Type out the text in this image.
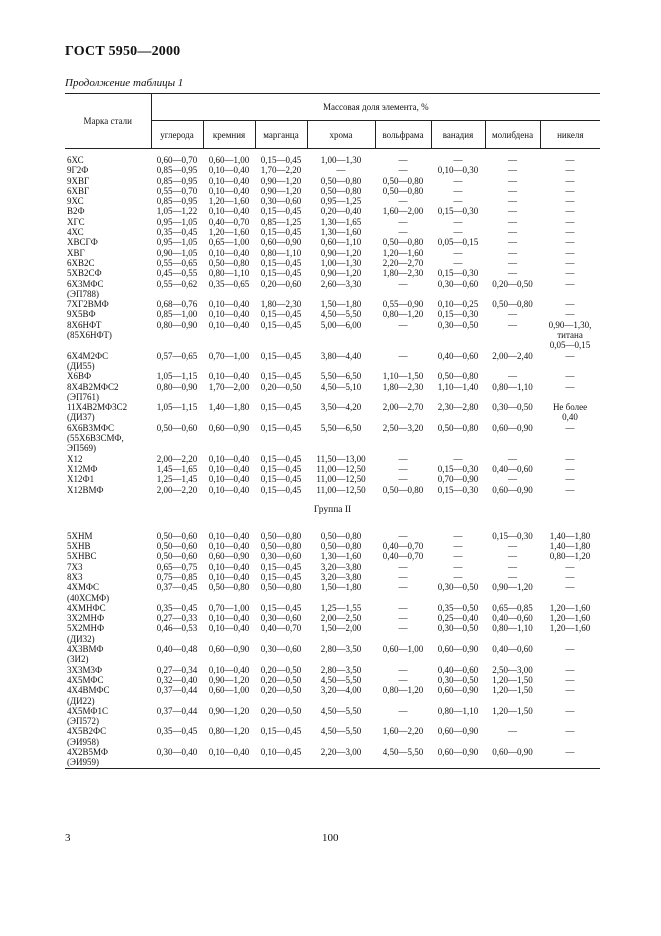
ГОСТ 5950—2000
Продолжение таблицы 1
Марка стали	Массовая доля элемента, %							
	углерода	кремния	марганца	хрома	вольфрама	ванадия	молибдена	никеля

6ХС	0,60—0,70	0,60—1,00	0,15—0,45	1,00—1,30	—	—	—	—
9Г2Ф	0,85—0,95	0,10—0,40	1,70—2,20	—	—	0,10—0,30	—	—
9ХВГ	0,85—0,95	0,10—0,40	0,90—1,20	0,50—0,80	0,50—0,80	—	—	—
6ХВГ	0,55—0,70	0,10—0,40	0,90—1,20	0,50—0,80	0,50—0,80	—	—	—
9ХС	0,85—0,95	1,20—1,60	0,30—0,60	0,95—1,25	—	—	—	—
В2Ф	1,05—1,22	0,10—0,40	0,15—0,45	0,20—0,40	1,60—2,00	0,15—0,30	—	—
ХГС	0,95—1,05	0,40—0,70	0,85—1,25	1,30—1,65	—	—	—	—
4ХС	0,35—0,45	1,20—1,60	0,15—0,45	1,30—1,60	—	—	—	—
ХВСГФ	0,95—1,05	0,65—1,00	0,60—0,90	0,60—1,10	0,50—0,80	0,05—0,15	—	—
ХВГ	0,90—1,05	0,10—0,40	0,80—1,10	0,90—1,20	1,20—1,60	—	—	—
6ХВ2С	0,55—0,65	0,50—0,80	0,15—0,45	1,00—1,30	2,20—2,70	—	—	—
5ХВ2СФ	0,45—0,55	0,80—1,10	0,15—0,45	0,90—1,20	1,80—2,30	0,15—0,30	—	—
6Х3МФС
(ЭП788)	0,55—0,62	0,35—0,65	0,20—0,60	2,60—3,30	—	0,30—0,60	0,20—0,50	—
7ХГ2ВМФ	0,68—0,76	0,10—0,40	1,80—2,30	1,50—1,80	0,55—0,90	0,10—0,25	0,50—0,80	—
9Х5ВФ	0,85—1,00	0,10—0,40	0,15—0,45	4,50—5,50	0,80—1,20	0,15—0,30	—	—
8Х6НФТ
(85Х6НФТ)	0,80—0,90	0,10—0,40	0,15—0,45	5,00—6,00	—	0,30—0,50	—	0,90—1,30,
титана
0,05—0,15
6Х4М2ФС
(ДИ55)	0,57—0,65	0,70—1,00	0,15—0,45	3,80—4,40	—	0,40—0,60	2,00—2,40	—
Х6ВФ	1,05—1,15	0,10—0,40	0,15—0,45	5,50—6,50	1,10—1,50	0,50—0,80	—	—
8Х4В2МФС2
(ЭП761)	0,80—0,90	1,70—2,00	0,20—0,50	4,50—5,10	1,80—2,30	1,10—1,40	0,80—1,10	—
11Х4В2МФ3С2
(ДИ37)	1,05—1,15	1,40—1,80	0,15—0,45	3,50—4,20	2,00—2,70	2,30—2,80	0,30—0,50	Не более
0,40
6Х6В3МФС
(55Х6В3СМФ,
ЭП569)	0,50—0,60	0,60—0,90	0,15—0,45	5,50—6,50	2,50—3,20	0,50—0,80	0,60—0,90	—
Х12	2,00—2,20	0,10—0,40	0,15—0,45	11,50—13,00	—	—	—	—
Х12МФ	1,45—1,65	0,10—0,40	0,15—0,45	11,00—12,50	—	0,15—0,30	0,40—0,60	—
Х12Ф1	1,25—1,45	0,10—0,40	0,15—0,45	11,00—12,50	—	0,70—0,90	—	—
Х12ВМФ	2,00—2,20	0,10—0,40	0,15—0,45	11,00—12,50	0,50—0,80	0,15—0,30	0,60—0,90	—
Группа II								
5ХНМ	0,50—0,60	0,10—0,40	0,50—0,80	0,50—0,80	—	—	0,15—0,30	1,40—1,80
5ХНВ	0,50—0,60	0,10—0,40	0,50—0,80	0,50—0,80	0,40—0,70	—	—	1,40—1,80
5ХНВС	0,50—0,60	0,60—0,90	0,30—0,60	1,30—1,60	0,40—0,70	—	—	0,80—1,20
7Х3	0,65—0,75	0,10—0,40	0,15—0,45	3,20—3,80	—	—	—	—
8Х3	0,75—0,85	0,10—0,40	0,15—0,45	3,20—3,80	—	—	—	—
4ХМФС
(40ХСМФ)	0,37—0,45	0,50—0,80	0,50—0,80	1,50—1,80	—	0,30—0,50	0,90—1,20	—
4ХМНФС	0,35—0,45	0,70—1,00	0,15—0,45	1,25—1,55	—	0,35—0,50	0,65—0,85	1,20—1,60
3Х2МНФ	0,27—0,33	0,10—0,40	0,30—0,60	2,00—2,50	—	0,25—0,40	0,40—0,60	1,20—1,60
5Х2МНФ
(ДИ32)	0,46—0,53	0,10—0,40	0,40—0,70	1,50—2,00	—	0,30—0,50	0,80—1,10	1,20—1,60
4Х3ВМФ
(3И2)	0,40—0,48	0,60—0,90	0,30—0,60	2,80—3,50	0,60—1,00	0,60—0,90	0,40—0,60	—
3Х3М3Ф	0,27—0,34	0,10—0,40	0,20—0,50	2,80—3,50	—	0,40—0,60	2,50—3,00	—
4Х5МФС	0,32—0,40	0,90—1,20	0,20—0,50	4,50—5,50	—	0,30—0,50	1,20—1,50	—
4Х4ВМФС
(ДИ22)	0,37—0,44	0,60—1,00	0,20—0,50	3,20—4,00	0,80—1,20	0,60—0,90	1,20—1,50	—
4Х5МФ1С
(ЭП572)	0,37—0,44	0,90—1,20	0,20—0,50	4,50—5,50	—	0,80—1,10	1,20—1,50	—
4Х5В2ФС
(ЭИ958)	0,35—0,45	0,80—1,20	0,15—0,45	4,50—5,50	1,60—2,20	0,60—0,90	—	—
4Х2В5МФ
(ЭИ959)	0,30—0,40	0,10—0,40	0,10—0,45	2,20—3,00	4,50—5,50	0,60—0,90	0,60—0,90	—
3	100
